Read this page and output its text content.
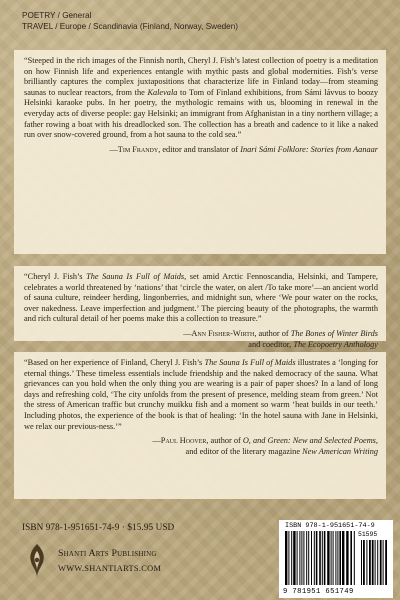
POETRY / General
TRAVEL / Europe / Scandinavia (Finland, Norway, Sweden)

“Steeped in the rich images of the Finnish north, Cheryl J. Fish’s latest collection of poetry is a meditation on how Finnish life and experiences entangle with mythic pasts and global modernities. Fish’s verse brilliantly captures the complex juxtapositions that characterize life in Finland today—from steaming saunas to nuclear reactors, from the Kalevala to Tom of Finland exhibitions, from Sámi lávvus to boozy Helsinki karaoke pubs. In her poetry, the mythologic remains with us, blooming in renewal in the everyday acts of diverse people: gay Helsinki; an immigrant from Afghanistan in a tiny northern village; a father rowing a boat with his dreadlocked son. The collection has a breath and cadence to it like a naked run over snow-covered ground, from a hot sauna to the cold sea.”

—Tim Frandy, editor and translator of Inari Sámi Folklore: Stories from Aanaar

“Cheryl J. Fish’s The Sauna Is Full of Maids, set amid Arctic Fennoscandia, Helsinki, and Tampere, celebrates a world threatened by ‘nations’ that ‘circle the water, on alert /To take more’—an ancient world of sauna culture, reindeer herding, lingonberries, and midnight sun, where ‘We pour water on the rocks, over nakedness. Leave imperfection and judgment.’ The piercing beauty of the photographs, the warmth and rich cultural detail of her poems make this a collection to treasure.”

—Ann Fisher-Wirth, author of The Bones of Winter Birds
and coeditor, The Ecopoetry Anthology

“Based on her experience of Finland, Cheryl J. Fish’s The Sauna Is Full of Maids illustrates a ‘longing for eternal things.’ These timeless essentials include friendship and the naked democracy of the sauna. What grievances can you hold when the only thing you are wearing is a pair of paper shoes? In a land of long days and refreshing cold, ‘The city unfolds from the present of presence, melding steam from green.’ Not the stress of American traffic but crunchy muikku fish and a moment so warm ‘heat builds in our teeth.’ Including photos, the experience of the book is that of healing: ‘In the hotel sauna with Jane in Helsinki, we relax our previous-ness.’”

—Paul Hoover, author of O, and Green: New and Selected Poems,
and editor of the literary magazine New American Writing
ISBN 978-1-951651-74-9 · $15.95 USD
Shanti Arts Publishing
WWW.SHANTIARTS.COM
ISBN 978-1-951651-74-9
51595
9 781951 651749
